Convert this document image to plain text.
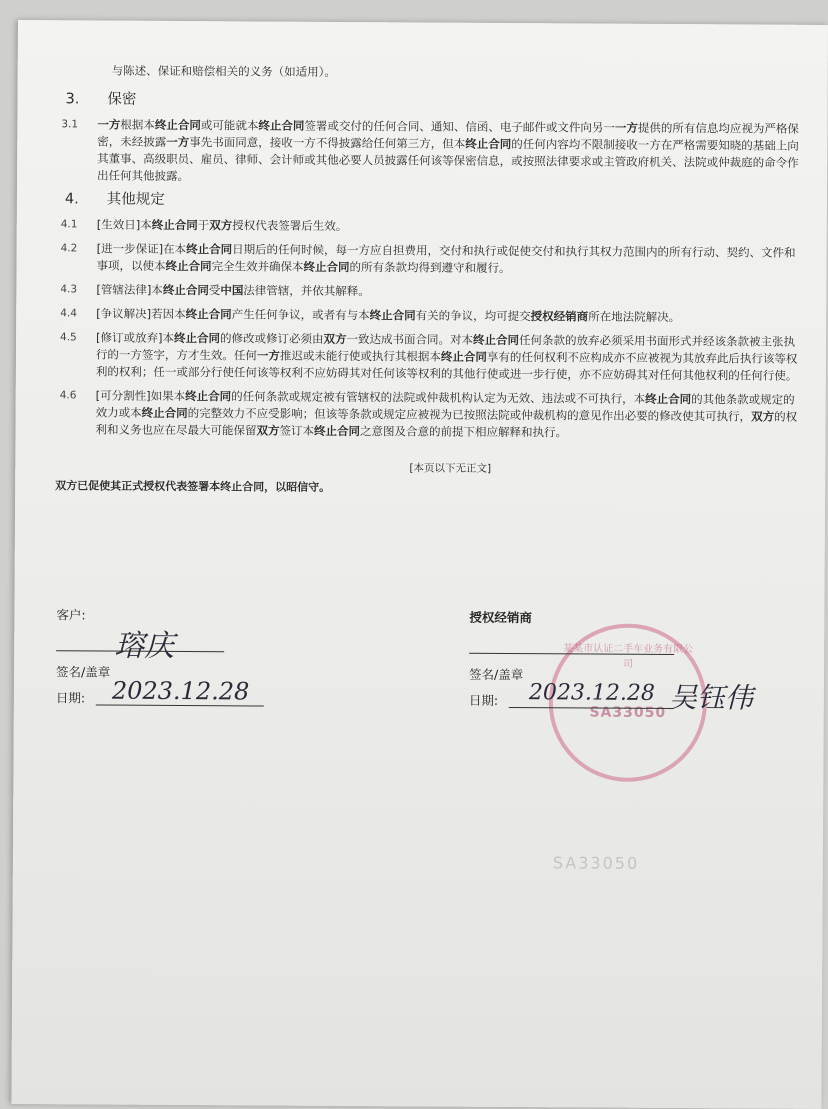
与陈述、保证和赔偿相关的义务（如适用）。
3. 保密
3.1	一方根据本终止合同或可能就本终止合同签署或交付的任何合同、通知、信函、电子邮件或文件向另一一方提供的所有信息均应视为严格保密，未经披露一方事先书面同意，接收一方不得披露给任何第三方，但本终止合同的任何内容均不限制接收一方在严格需要知晓的基础上向其董事、高级职员、雇员、律师、会计师或其他必要人员披露任何该等保密信息，或按照法律要求或主管政府机关、法院或仲裁庭的命令作出任何其他披露。
4. 其他规定
4.1	[生效日]本终止合同于双方授权代表签署后生效。
4.2	[进一步保证]在本终止合同日期后的任何时候，每一方应自担费用，交付和执行或促使交付和执行其权力范围内的所有行动、契约、文件和事项，以使本终止合同完全生效并确保本终止合同的所有条款均得到遵守和履行。
4.3	[管辖法律]本终止合同受中国法律管辖，并依其解释。
4.4	[争议解决]若因本终止合同产生任何争议，或者有与本终止合同有关的争议，均可提交授权经销商所在地法院解决。
4.5	[修订或放弃]本终止合同的修改或修订必须由双方一致达成书面合同。对本终止合同任何条款的放弃必须采用书面形式并经该条款被主张执行的一方签字，方才生效。任何一方推迟或未能行使或执行其根据本终止合同享有的任何权利不应构成亦不应被视为其放弃此后执行该等权利的权利；任一或部分行使任何该等权利不应妨碍其对任何该等权利的其他行使或进一步行使，亦不应妨碍其对任何其他权利的任何行使。
4.6	[可分割性]如果本终止合同的任何条款或规定被有管辖权的法院或仲裁机构认定为无效、违法或不可执行，本终止合同的其他条款或规定的效力或本终止合同的完整效力不应受影响；但该等条款或规定应被视为已按照法院或仲裁机构的意见作出必要的修改使其可执行，双方的权利和义务也应在尽最大可能保留双方签订本终止合同之意图及合意的前提下相应解释和执行。
[本页以下无正文]
双方已促使其正式授权代表签署本终止合同，以昭信守。
客户:
瑢庆
签名/盖章
日期: 2023.12.28
某某市认证二手车业务有限公司
SA33050
授权经销商
签名/盖章
日期: 2023.12.28 吴钰伟
SA33050
